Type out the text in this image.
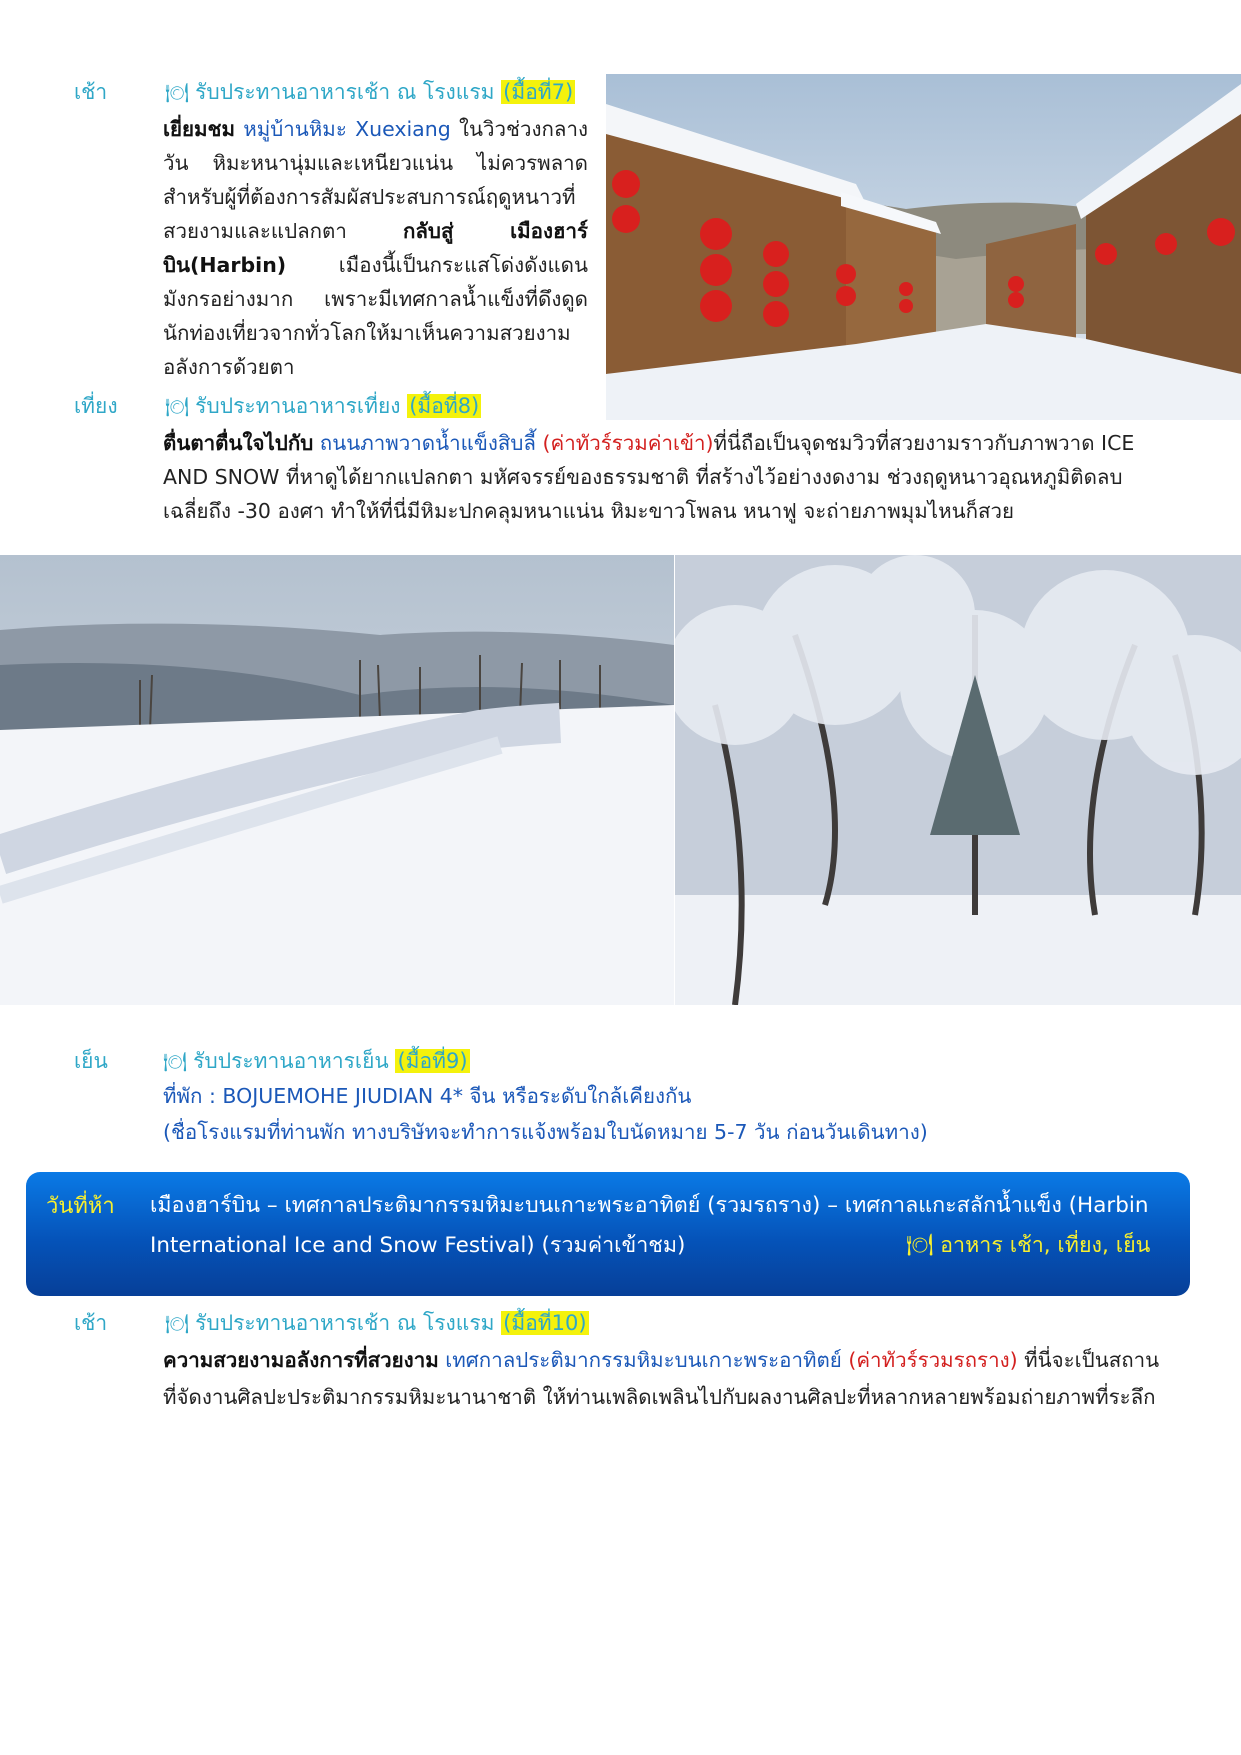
เช้า	🍽 รับประทานอาหารเช้า ณ โรงแรม (มื้อที่7)
เยี่ยมชม หมู่บ้านหิมะ Xuexiang ในวิวช่วงกลางวัน หิมะหนานุ่มและเหนียวแน่น ไม่ควรพลาดสำหรับผู้ที่ต้องการสัมผัสประสบการณ์ฤดูหนาวที่สวยงามและแปลกตา	กลับสู่ เมืองฮาร์บิน(Harbin)	เมืองนี้เป็นกระแสโด่งดังแดนมังกรอย่างมาก เพราะมีเทศกาลน้ำแข็งที่ดึงดูดนักท่องเที่ยวจากทั่วโลกให้มาเห็นความสวยงามอลังการด้วยตา
เที่ยง 🍽 รับประทานอาหารเที่ยง (มื้อที่8)
ตื่นตาตื่นใจไปกับ ถนนภาพวาดน้ำแข็งสิบลี้ (ค่าทัวร์รวมค่าเข้า)ที่นี่ถือเป็นจุดชมวิวที่สวยงามราวกับภาพวาด ICE AND SNOW ที่หาดูได้ยากแปลกตา มหัศจรรย์ของธรรมชาติ ที่สร้างไว้อย่างงดงาม ช่วงฤดูหนาวอุณหภูมิติดลบเฉลี่ยถึง -30 องศา ทำให้ที่นี่มีหิมะปกคลุมหนาแน่น หิมะขาวโพลน หนาฟู จะถ่ายภาพมุมไหนก็สวย
เย็น	🍽 รับประทานอาหารเย็น (มื้อที่9)
ที่พัก : BOJUEMOHE JIUDIAN 4* จีน หรือระดับใกล้เคียงกัน
(ชื่อโรงแรมที่ท่านพัก ทางบริษัทจะทำการแจ้งพร้อมใบนัดหมาย 5-7 วัน ก่อนวันเดินทาง)
วันที่ห้า เมืองฮาร์บิน – เทศกาลประติมากรรมหิมะบนเกาะพระอาทิตย์ (รวมรถราง) – เทศกาลแกะสลักน้ำแข็ง (Harbin International Ice and Snow Festival) (รวมค่าเข้าชม)	🍽 อาหาร เช้า, เที่ยง, เย็น
เช้า	🍽 รับประทานอาหารเช้า ณ โรงแรม (มื้อที่10)
ความสวยงามอลังการที่สวยงาม เทศกาลประติมากรรมหิมะบนเกาะพระอาทิตย์ (ค่าทัวร์รวมรถราง) ที่นี่จะเป็นสถานที่จัดงานศิลปะประติมากรรมหิมะนานาชาติ ให้ท่านเพลิดเพลินไปกับผลงานศิลปะที่หลากหลายพร้อมถ่ายภาพที่ระลึก
